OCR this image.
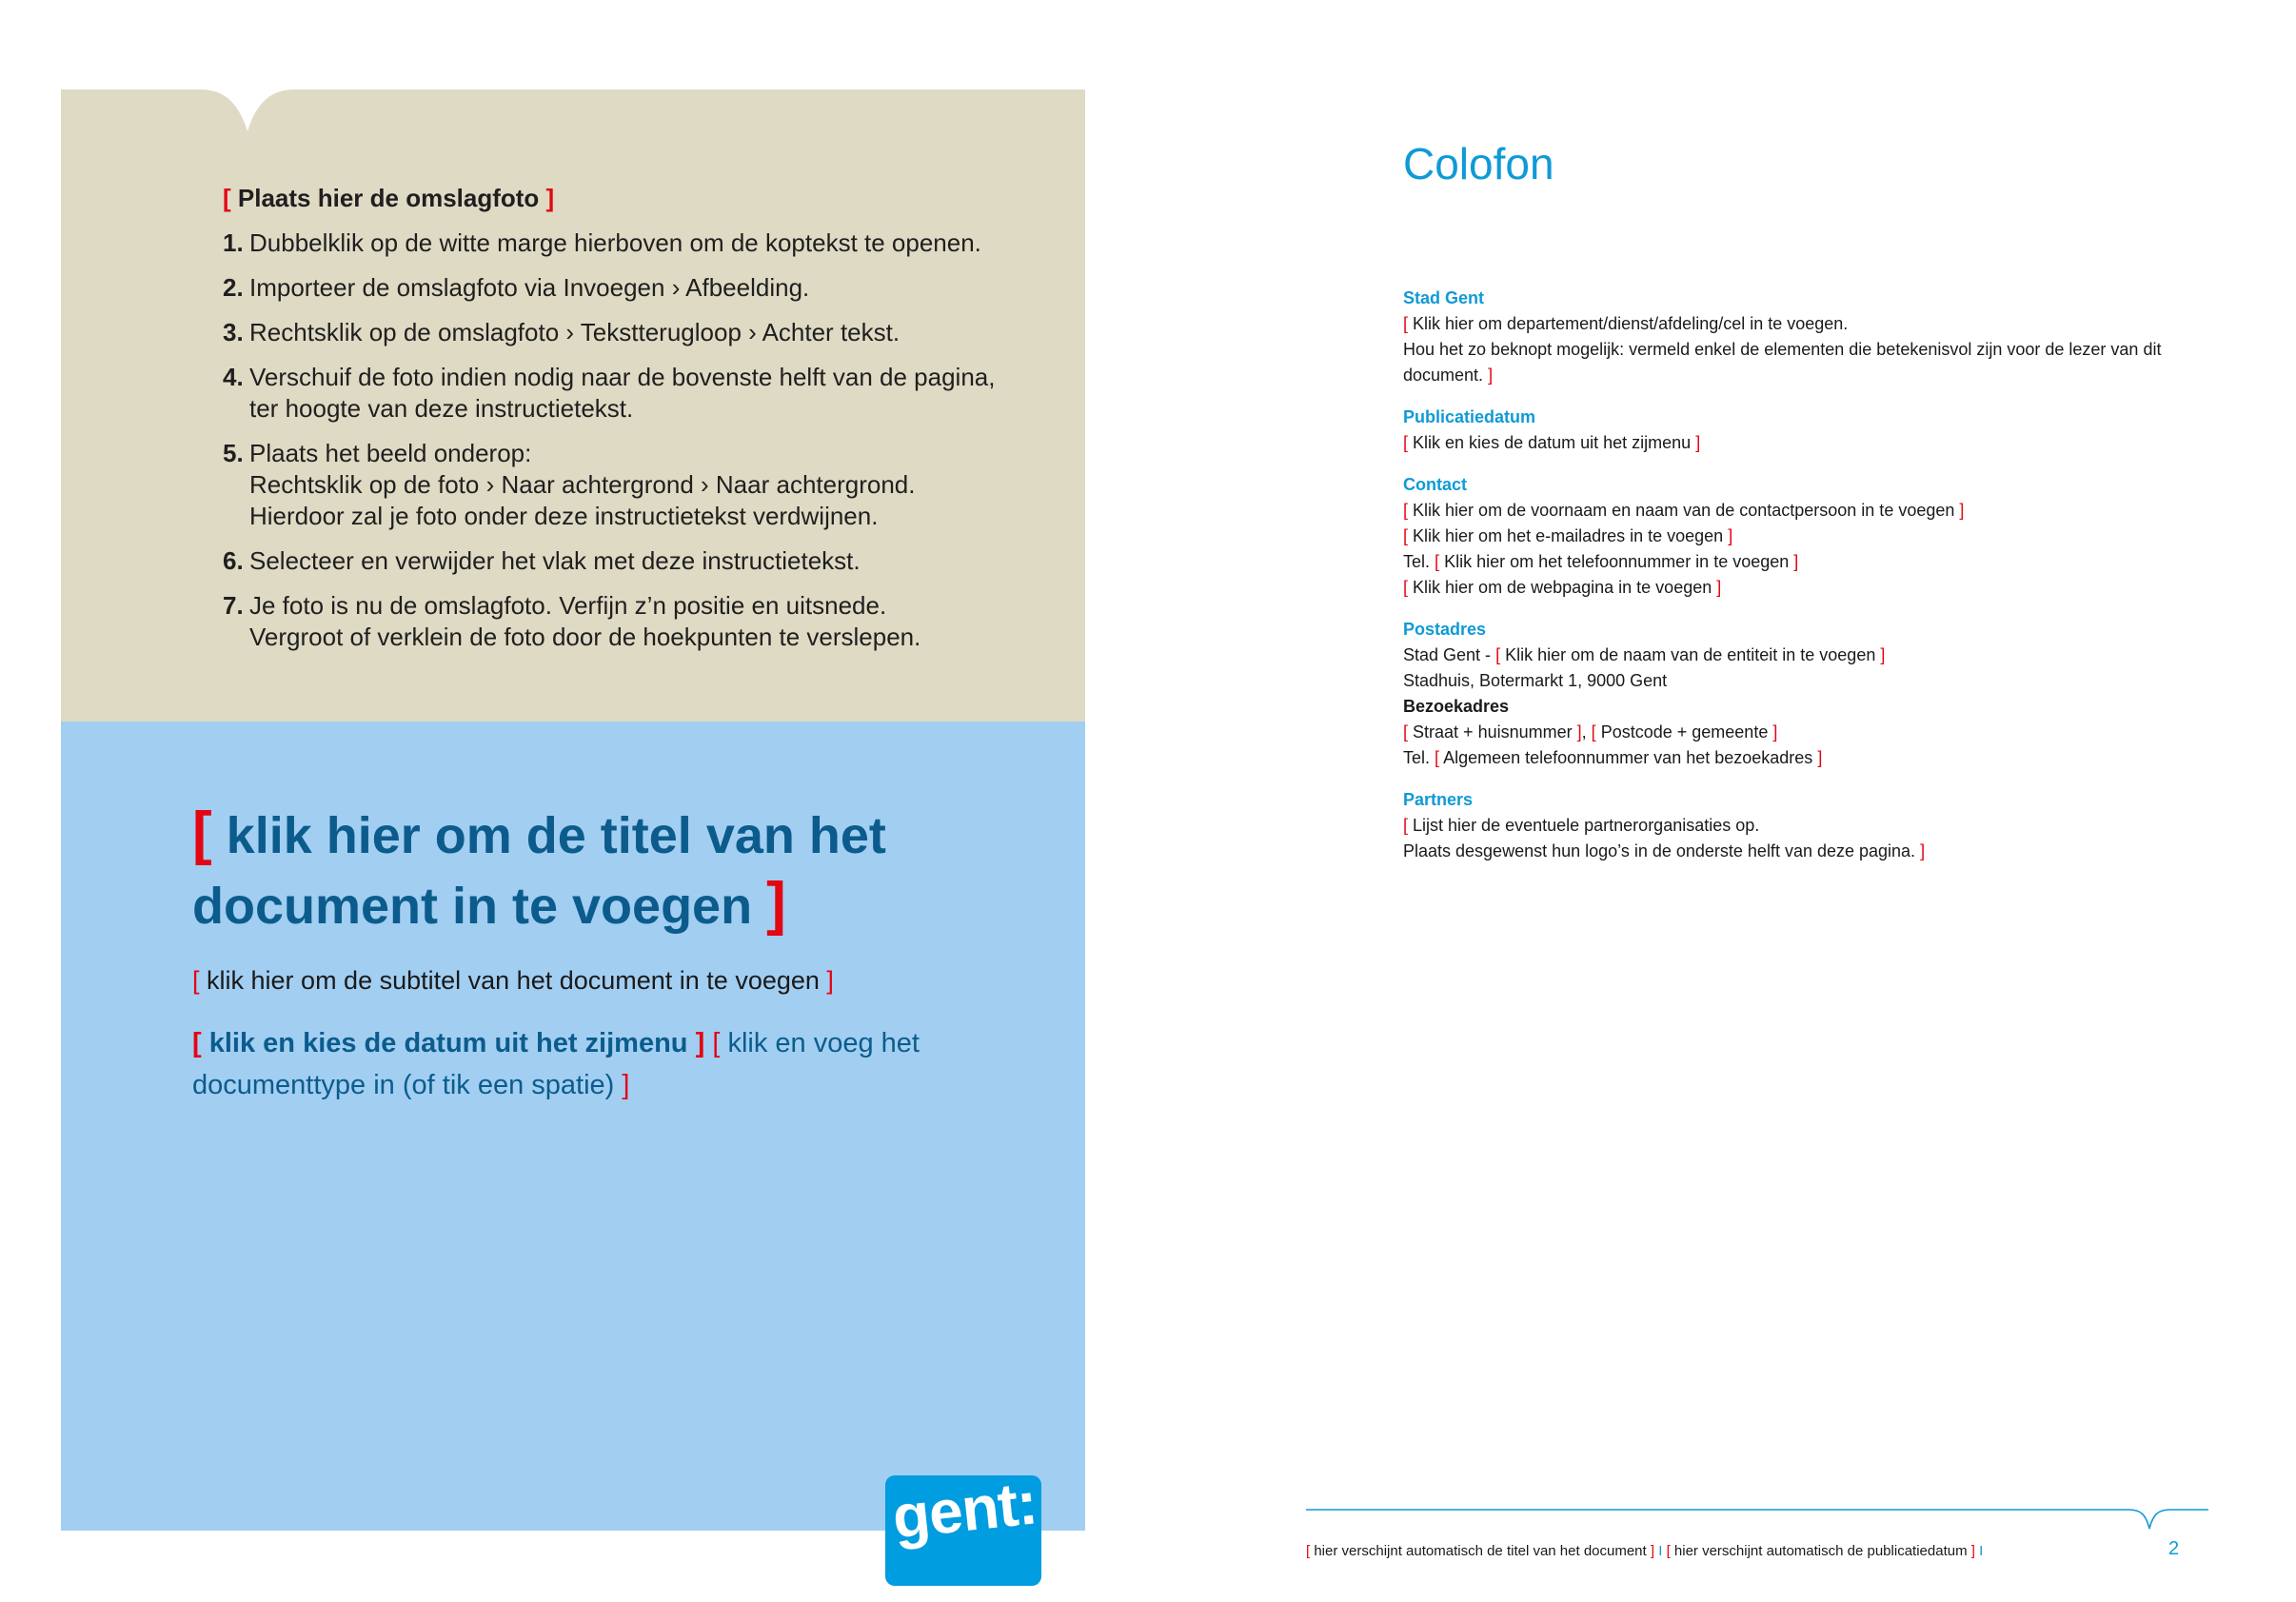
[ Plaats hier de omslagfoto ]
1. Dubbelklik op de witte marge hierboven om de koptekst te openen.
2. Importeer de omslagfoto via Invoegen › Afbeelding.
3. Rechtsklik op de omslagfoto › Tekstterugloop › Achter tekst.
4. Verschuif de foto indien nodig naar de bovenste helft van de pagina,
ter hoogte van deze instructietekst.
5. Plaats het beeld onderop:
Rechtsklik op de foto › Naar achtergrond › Naar achtergrond.
Hierdoor zal je foto onder deze instructietekst verdwijnen.
6. Selecteer en verwijder het vlak met deze instructietekst.
7. Je foto is nu de omslagfoto. Verfijn z’n positie en uitsnede.
Vergroot of verklein de foto door de hoekpunten te verslepen.
[ klik hier om de titel van het document in te voegen ]
[ klik hier om de subtitel van het document in te voegen ]
[ klik en kies de datum uit het zijmenu ] [ klik en voeg het documenttype in (of tik een spatie) ]
gent:
Colofon
Stad Gent
[ Klik hier om departement/dienst/afdeling/cel in te voegen.
Hou het zo beknopt mogelijk: vermeld enkel de elementen die betekenisvol zijn voor de lezer van dit
document. ]
Publicatiedatum
[ Klik en kies de datum uit het zijmenu ]
Contact
[ Klik hier om de voornaam en naam van de contactpersoon in te voegen ]
[ Klik hier om het e-mailadres in te voegen ]
Tel. [ Klik hier om het telefoonnummer in te voegen ]
[ Klik hier om de webpagina in te voegen ]
Postadres
Stad Gent - [ Klik hier om de naam van de entiteit in te voegen ]
Stadhuis, Botermarkt 1, 9000 Gent
Bezoekadres
[ Straat + huisnummer ], [ Postcode + gemeente ]
Tel. [ Algemeen telefoonnummer van het bezoekadres ]
Partners
[ Lijst hier de eventuele partnerorganisaties op.
Plaats desgewenst hun logo’s in de onderste helft van deze pagina. ]
[ hier verschijnt automatisch de titel van het document ] I [ hier verschijnt automatisch de publicatiedatum ] I	2
